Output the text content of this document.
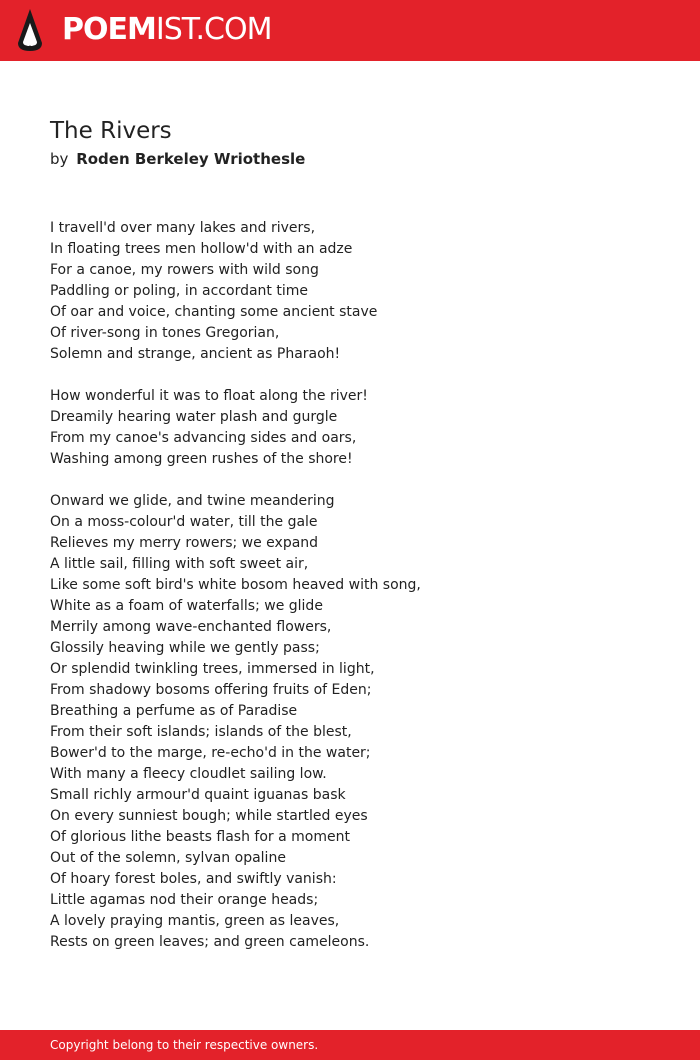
POEMIST.COM
The Rivers
by Roden Berkeley Wriothesle
I travell'd over many lakes and rivers,
In floating trees men hollow'd with an adze
For a canoe, my rowers with wild song
Paddling or poling, in accordant time
Of oar and voice, chanting some ancient stave
Of river-song in tones Gregorian,
Solemn and strange, ancient as Pharaoh!
How wonderful it was to float along the river!
Dreamily hearing water plash and gurgle
From my canoe's advancing sides and oars,
Washing among green rushes of the shore!
Onward we glide, and twine meandering
On a moss-colour'd water, till the gale
Relieves my merry rowers; we expand
A little sail, filling with soft sweet air,
Like some soft bird's white bosom heaved with song,
White as a foam of waterfalls; we glide
Merrily among wave-enchanted flowers,
Glossily heaving while we gently pass;
Or splendid twinkling trees, immersed in light,
From shadowy bosoms offering fruits of Eden;
Breathing a perfume as of Paradise
From their soft islands; islands of the blest,
Bower'd to the marge, re-echo'd in the water;
With many a fleecy cloudlet sailing low.
Small richly armour'd quaint iguanas bask
On every sunniest bough; while startled eyes
Of glorious lithe beasts flash for a moment
Out of the solemn, sylvan opaline
Of hoary forest boles, and swiftly vanish:
Little agamas nod their orange heads;
A lovely praying mantis, green as leaves,
Rests on green leaves; and green cameleons.
Copyright belong to their respective owners.
